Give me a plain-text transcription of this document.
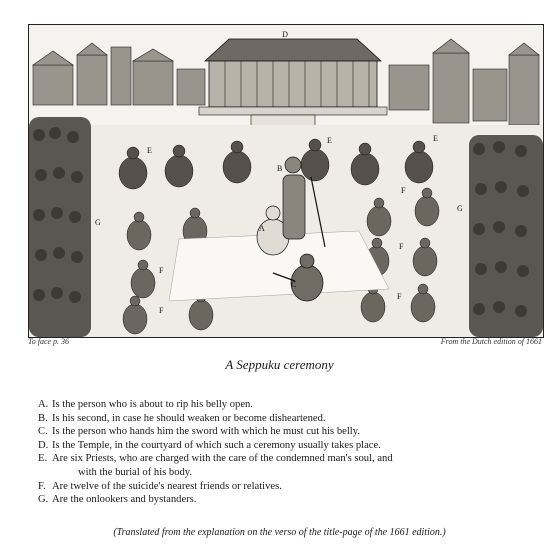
D
A
B
C
E
E	E
F
F
F
F
F
G
G
To face p. 36	From the Dutch edition of 1661
A Seppuku ceremony
A. Is the person who is about to rip his belly open.
B. Is his second, in case he should weaken or become disheartened.
C. Is the person who hands him the sword with which he must cut his belly.
D. Is the Temple, in the courtyard of which such a ceremony usually takes place.
E. Are six Priests, who are charged with the care of the condemned man's soul, and
with the burial of his body.
F. Are twelve of the suicide's nearest friends or relatives.
G. Are the onlookers and bystanders.
(Translated from the explanation on the verso of the title-page of the 1661 edition.)
